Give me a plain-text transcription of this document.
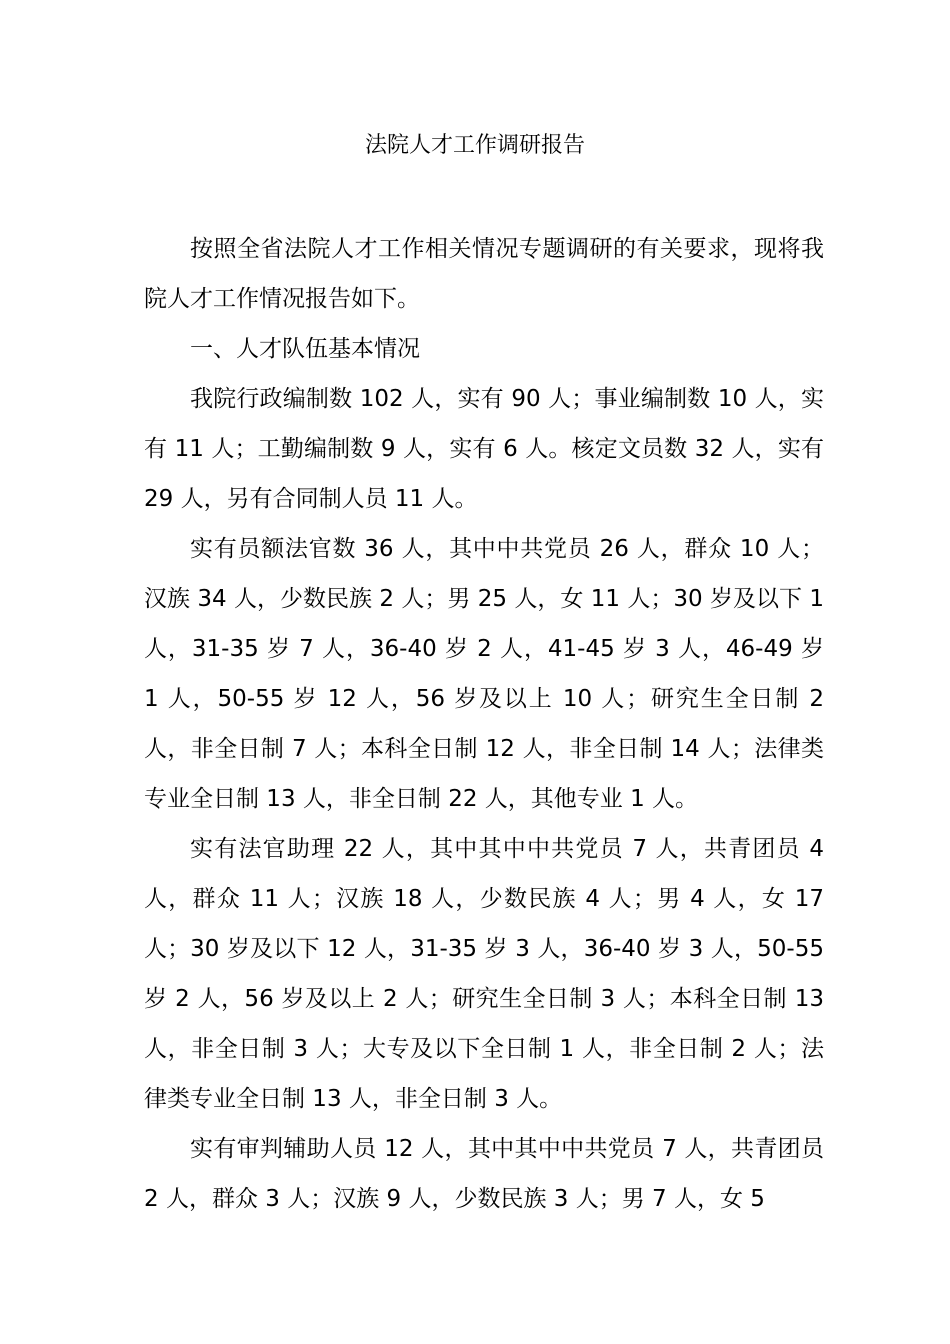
法院人才工作调研报告

按照全省法院人才工作相关情况专题调研的有关要求，现将我院人才工作情况报告如下。

一、人才队伍基本情况

我院行政编制数 102 人，实有 90 人；事业编制数 10 人，实有 11 人；工勤编制数 9 人，实有 6 人。核定文员数 32 人，实有 29 人，另有合同制人员 11 人。

实有员额法官数 36 人，其中中共党员 26 人，群众 10 人；汉族 34 人，少数民族 2 人；男 25 人，女 11 人；30 岁及以下 1 人，31-35 岁 7 人，36-40 岁 2 人，41-45 岁 3 人，46-49 岁 1 人，50-55 岁 12 人，56 岁及以上 10 人；研究生全日制 2 人，非全日制 7 人；本科全日制 12 人，非全日制 14 人；法律类专业全日制 13 人，非全日制 22 人，其他专业 1 人。

实有法官助理 22 人，其中其中中共党员 7 人，共青团员 4 人，群众 11 人；汉族 18 人，少数民族 4 人；男 4 人，女 17 人；30 岁及以下 12 人，31-35 岁 3 人，36-40 岁 3 人，50-55 岁 2 人，56 岁及以上 2 人；研究生全日制 3 人；本科全日制 13 人，非全日制 3 人；大专及以下全日制 1 人，非全日制 2 人；法律类专业全日制 13 人，非全日制 3 人。

实有审判辅助人员 12 人，其中其中中共党员 7 人，共青团员 2 人，群众 3 人；汉族 9 人，少数民族 3 人；男 7 人，女 5
